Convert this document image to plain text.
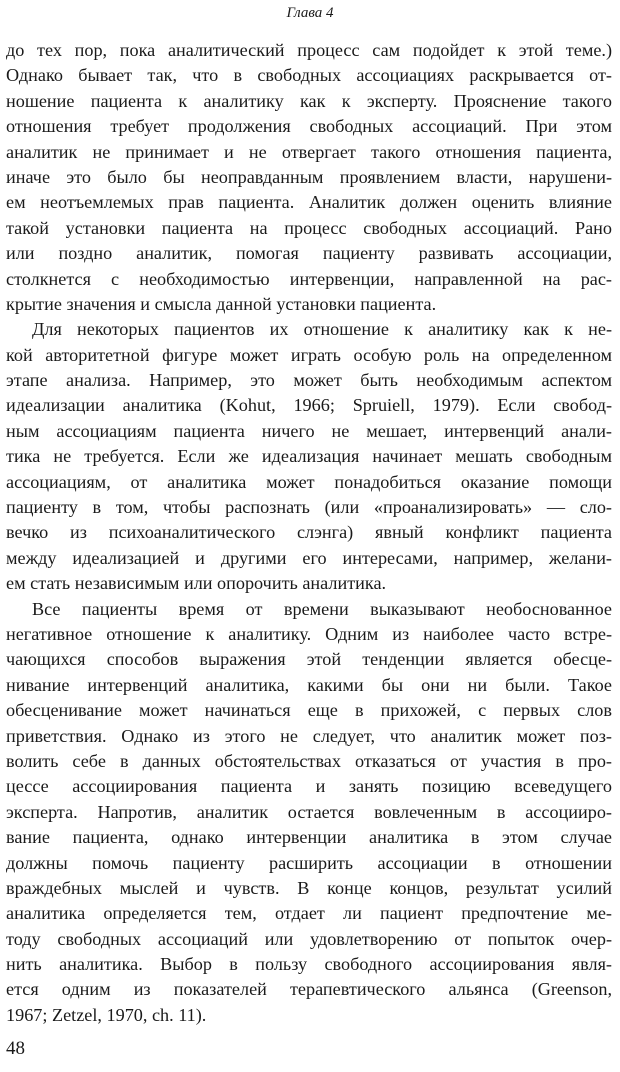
Глава 4
до тех пор, пока аналитический процесс сам подойдет к этой теме.)
Однако бывает так, что в свободных ассоциациях раскрывается от-
ношение пациента к аналитику как к эксперту. Прояснение такого
отношения требует продолжения свободных ассоциаций. При этом
аналитик не принимает и не отвергает такого отношения пациента,
иначе это было бы неоправданным проявлением власти, нарушени-
ем неотъемлемых прав пациента. Аналитик должен оценить влияние
такой установки пациента на процесс свободных ассоциаций. Рано
или поздно аналитик, помогая пациенту развивать ассоциации,
столкнется с необходимостью интервенции, направленной на рас-
крытие значения и смысла данной установки пациента.
Для некоторых пациентов их отношение к аналитику как к не-
кой авторитетной фигуре может играть особую роль на определенном
этапе анализа. Например, это может быть необходимым аспектом
идеализации аналитика (Kohut, 1966; Spruiell, 1979). Если свобод-
ным ассоциациям пациента ничего не мешает, интервенций анали-
тика не требуется. Если же идеализация начинает мешать свободным
ассоциациям, от аналитика может понадобиться оказание помощи
пациенту в том, чтобы распознать (или «проанализировать» — сло-
вечко из психоаналитического слэнга) явный конфликт пациента
между идеализацией и другими его интересами, например, желани-
ем стать независимым или опорочить аналитика.
Все пациенты время от времени выказывают необоснованное
негативное отношение к аналитику. Одним из наиболее часто встре-
чающихся способов выражения этой тенденции является обесце-
нивание интервенций аналитика, какими бы они ни были. Такое
обесценивание может начинаться еще в прихожей, с первых слов
приветствия. Однако из этого не следует, что аналитик может поз-
волить себе в данных обстоятельствах отказаться от участия в про-
цессе ассоциирования пациента и занять позицию всеведущего
эксперта. Напротив, аналитик остается вовлеченным в ассоцииро-
вание пациента, однако интервенции аналитика в этом случае
должны помочь пациенту расширить ассоциации в отношении
враждебных мыслей и чувств. В конце концов, результат усилий
аналитика определяется тем, отдает ли пациент предпочтение ме-
тоду свободных ассоциаций или удовлетворению от попыток очер-
нить аналитика. Выбор в пользу свободного ассоциирования явля-
ется одним из показателей терапевтического альянса (Greenson,
1967; Zetzel, 1970, ch. 11).
48
